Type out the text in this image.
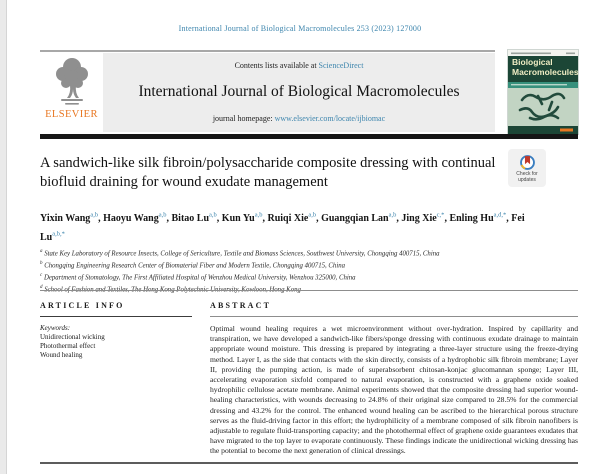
International Journal of Biological Macromolecules 253 (2023) 127000
ELSEVIER
Contents lists available at ScienceDirect
International Journal of Biological Macromolecules
journal homepage: www.elsevier.com/locate/ijbiomac
Biological
Macromolecules
Check for
updates
A sandwich-like silk fibroin/polysaccharide composite dressing with continual biofluid draining for wound exudate management
Yixin Wang$^{a,b}$, Haoyu Wang$^{a,b}$, Bitao Lu$^{a,b}$, Kun Yu$^{a,b}$, Ruiqi Xie$^{a,b}$, Guangqian Lan$^{a,b}$, Jing Xie$^{c,*}$, Enling $Hu^{a,d,*}$, Fei $Lu^{a,b,*}$
$^a$ State Key Laboratory of Resource Insects, College of Sericulture, Textile and Biomass Sciences, Southwest University, Chongqing 400715, China
$^b$ Chongqing Engineering Research Center of Biomaterial Fiber and Modern Textile, Chongqing 400715, China
$^c$ Department of Stomatology, The First Affiliated Hospital of Wenzhou Medical University, Wenzhou 325000, China
$^d$
ARTICLE INFO
Keywords:
Unidirectional wicking
Photothermal effect
Wound healing
ABSTRACT
Optimal wound healing requires a wet microenvironment without over-hydration. Inspired by capillarity and transpiration, we have developed a sandwich-like fibers/sponge dressing with continuous exudate drainage to maintain appropriate wound moisture. This dressing is prepared by integrating a three-layer structure using the freeze-drying method. Layer I, as the side that contacts with the skin directly, consists of a hydrophobic silk fibroin membrane; Layer II, providing the pumping action, is made of superabsorbent chitosan-konjac glucomannan sponge; Layer III, accelerating evaporation sixfold compared to natural evaporation, is constructed with a graphene oxide soaked hydrophilic cellulose acetate membrane. Animal experiments showed that the composite dressing had superior wound-healing characteristics, with wounds decreasing to 24.8% of their original size compared to 28.5% for the commercial dressing and 43.2% for the control. The enhanced wound healing can be ascribed to the hierarchical porous structure serves as the fluid-driving factor in this effort; the hydrophilicity of a membrane composed of silk fibroin nanofibers is adjustable to regulate fluid-transporting capacity; and the photothermal effect of graphene oxide guarantees exudates that have migrated to the top layer to evaporate continuously. These findings indicate the unidirectional wicking dressing has the potential to become the next generation of clinical dressings.
